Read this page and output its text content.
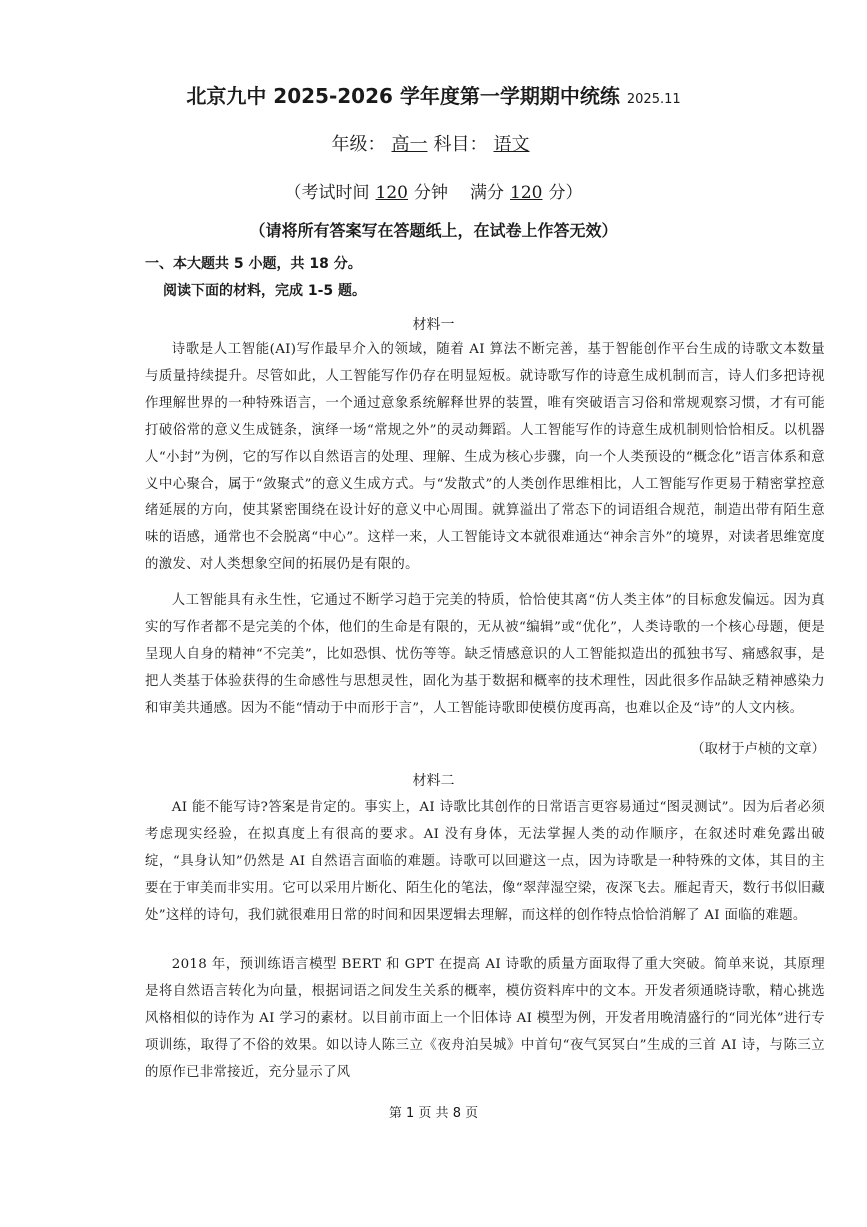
北京九中 2025-2026 学年度第一学期期中统练 2025.11
年级： 高一 科目： 语文
（考试时间 120 分钟 满分 120 分）
（请将所有答案写在答题纸上，在试卷上作答无效）
一、本大题共 5 小题，共 18 分。
阅读下面的材料，完成 1-5 题。
材料一
诗歌是人工智能(AI)写作最早介入的领域，随着 AI 算法不断完善，基于智能创作平台生成的诗歌文本数量与质量持续提升。尽管如此，人工智能写作仍存在明显短板。就诗歌写作的诗意生成机制而言，诗人们多把诗视作理解世界的一种特殊语言，一个通过意象系统解释世界的装置，唯有突破语言习俗和常规观察习惯，才有可能打破俗常的意义生成链条，演绎一场“常规之外”的灵动舞蹈。人工智能写作的诗意生成机制则恰恰相反。以机器人“小封”为例，它的写作以自然语言的处理、理解、生成为核心步骤，向一个人类预设的“概念化”语言体系和意义中心聚合，属于“敛聚式”的意义生成方式。与“发散式”的人类创作思维相比，人工智能写作更易于精密掌控意绪延展的方向，使其紧密围绕在设计好的意义中心周围。就算溢出了常态下的词语组合规范，制造出带有陌生意味的语感，通常也不会脱离“中心”。这样一来，人工智能诗文本就很难通达“神余言外”的境界，对读者思维宽度的激发、对人类想象空间的拓展仍是有限的。
人工智能具有永生性，它通过不断学习趋于完美的特质，恰恰使其离“仿人类主体”的目标愈发偏远。因为真实的写作者都不是完美的个体，他们的生命是有限的，无从被“编辑”或“优化”，人类诗歌的一个核心母题，便是呈现人自身的精神“不完美”，比如恐惧、忧伤等等。缺乏情感意识的人工智能拟造出的孤独书写、痛感叙事，是把人类基于体验获得的生命感性与思想灵性，固化为基于数据和概率的技术理性，因此很多作品缺乏精神感染力和审美共通感。因为不能“情动于中而形于言”，人工智能诗歌即使模仿度再高，也难以企及“诗”的人文内核。
（取材于卢桢的文章）
材料二
AI 能不能写诗?答案是肯定的。事实上，AI 诗歌比其创作的日常语言更容易通过“图灵测试”。因为后者必须考虑现实经验，在拟真度上有很高的要求。AI 没有身体，无法掌握人类的动作顺序，在叙述时难免露出破绽，“具身认知”仍然是 AI 自然语言面临的难题。诗歌可以回避这一点，因为诗歌是一种特殊的文体，其目的主要在于审美而非实用。它可以采用片断化、陌生化的笔法，像“翠萍湿空梁，夜深飞去。雁起青天，数行书似旧藏处”这样的诗句，我们就很难用日常的时间和因果逻辑去理解，而这样的创作特点恰恰消解了 AI 面临的难题。
2018 年，预训练语言模型 BERT 和 GPT 在提高 AI 诗歌的质量方面取得了重大突破。简单来说，其原理是将自然语言转化为向量，根据词语之间发生关系的概率，模仿资料库中的文本。开发者须通晓诗歌，精心挑选风格相似的诗作为 AI 学习的素材。以目前市面上一个旧体诗 AI 模型为例，开发者用晚清盛行的“同光体”进行专项训练，取得了不俗的效果。如以诗人陈三立《夜舟泊吴城》中首句“夜气冥冥白”生成的三首 AI 诗，与陈三立的原作已非常接近，充分显示了风
第 1 页 共 8 页
